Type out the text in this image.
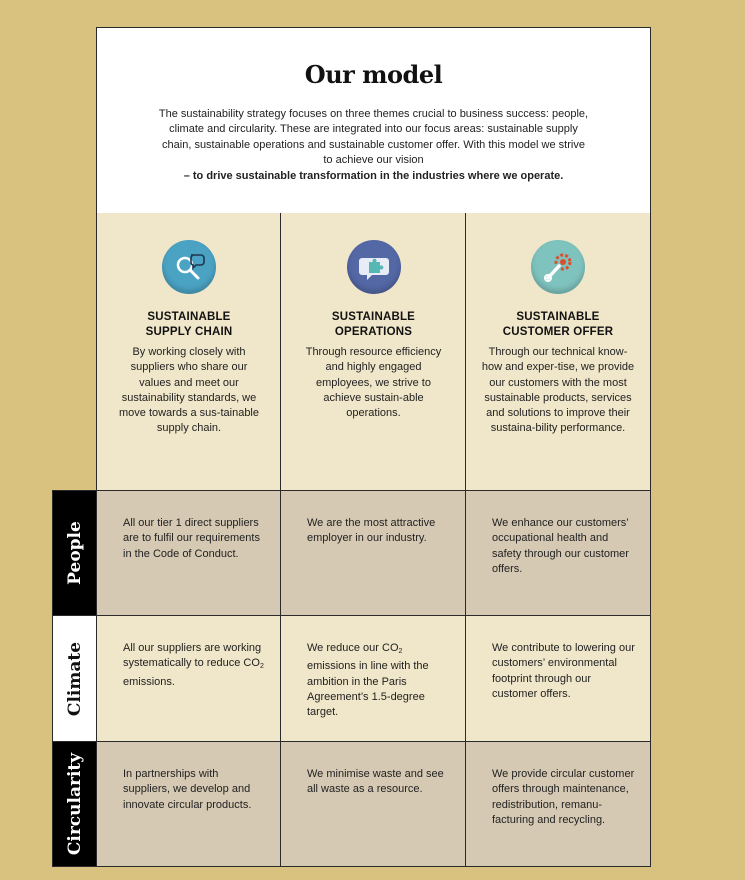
Our model
The sustainability strategy focuses on three themes crucial to business success: people, climate and circularity. These are integrated into our focus areas: sustainable supply chain, sustainable operations and sustainable customer offer. With this model we strive to achieve our vision
– to drive sustainable transformation in the industries where we operate.
SUSTAINABLE
SUPPLY CHAIN
By working closely with suppliers who share our values and meet our sustainability standards, we move towards a sus-tainable supply chain.
SUSTAINABLE
OPERATIONS
Through resource efficiency and highly engaged employees, we strive to achieve sustain-able operations.
SUSTAINABLE
CUSTOMER OFFER
Through our technical know-how and exper-tise, we provide our customers with the most sustainable products, services and solutions to improve their sustaina-bility performance.
People
Climate
Circularity
All our tier 1 direct suppliers are to fulfil our requirements in the Code of Conduct.
We are the most attractive employer in our industry.
We enhance our customers’ occupational health and safety through our customer offers.
All our suppliers are working systematically to reduce $CO_2$ emissions.
We reduce our $CO_2$ emissions in line with the ambition in the Paris Agreement’s 1.5-degree target.
We contribute to lowering our customers’ environmental footprint through our customer offers.
In partnerships with suppliers, we develop and innovate circular products.
We minimise waste and see all waste as a resource.
We provide circular customer offers through maintenance, redistribution, remanu-facturing and recycling.
